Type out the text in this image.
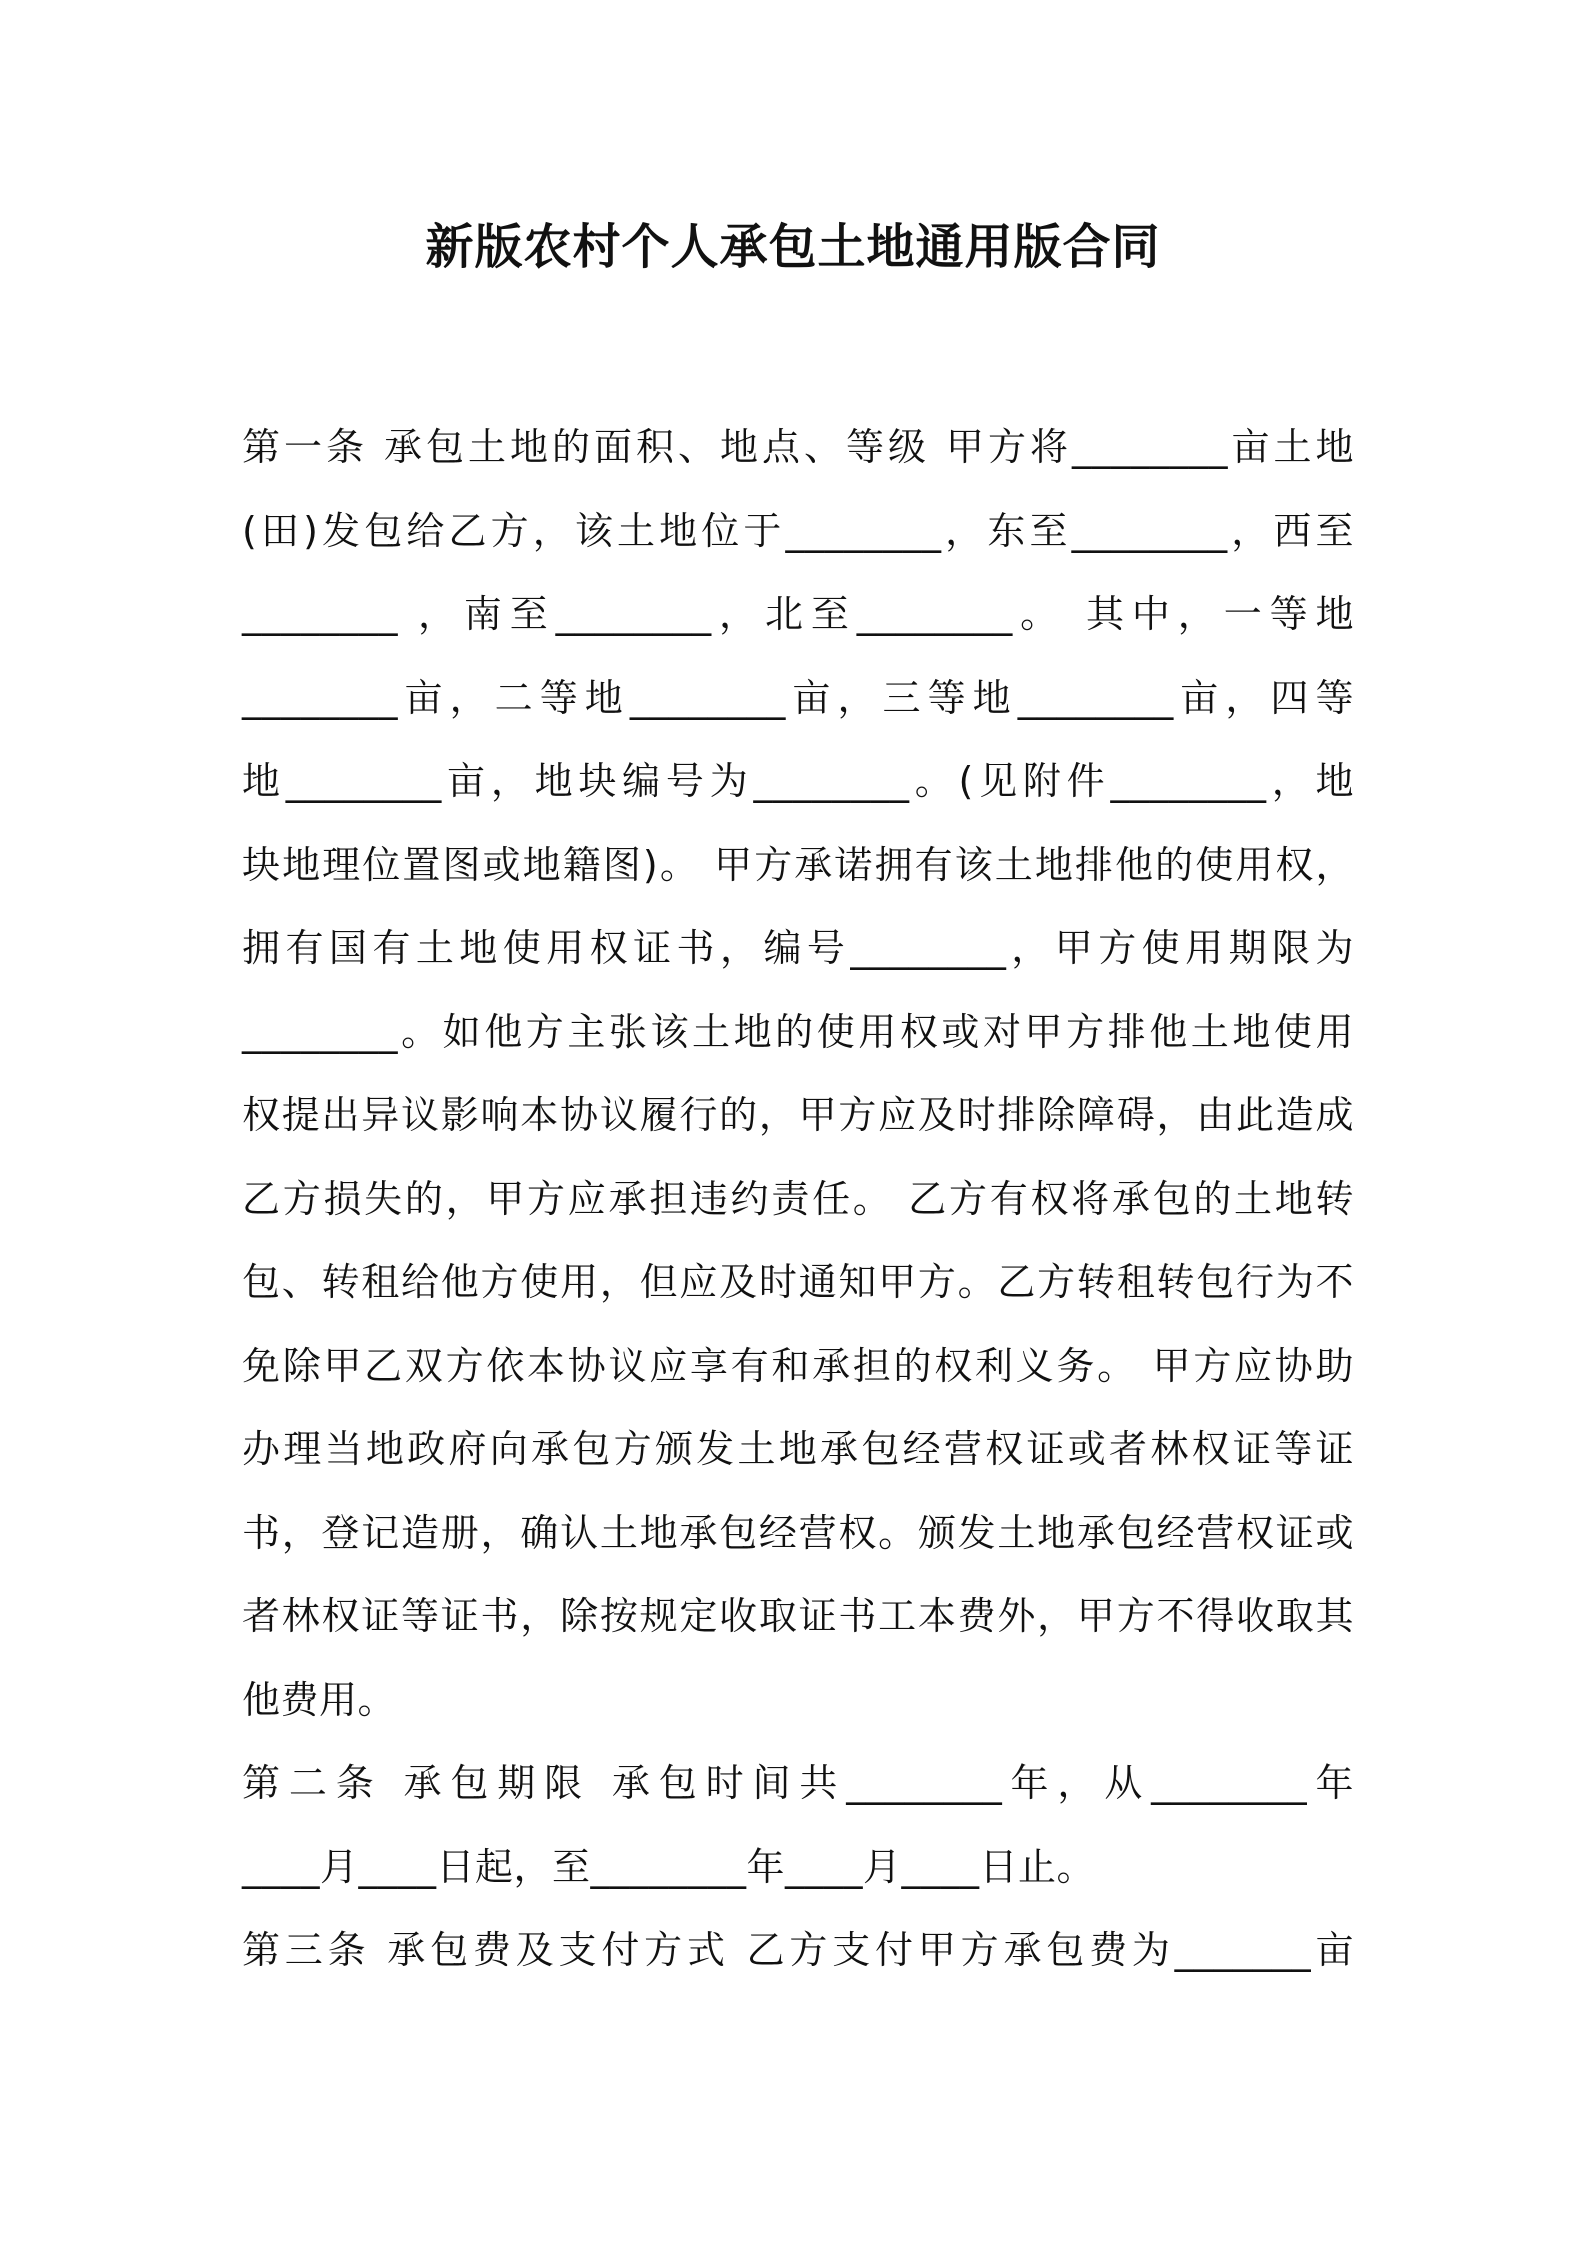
新版农村个人承包土地通用版合同
第一条 承包土地的面积、地点、等级 甲方将________亩土地
(田)发包给乙方，该土地位于________，东至________，西至
________ ，南至________，北至________。 其中，一等地
________亩，二等地________亩，三等地________亩，四等
地________亩，地块编号为________。(见附件________，地
块地理位置图或地籍图)。 甲方承诺拥有该土地排他的使用权，
拥有国有土地使用权证书，编号________，甲方使用期限为
________。如他方主张该土地的使用权或对甲方排他土地使用
权提出异议影响本协议履行的，甲方应及时排除障碍，由此造成
乙方损失的，甲方应承担违约责任。 乙方有权将承包的土地转
包、转租给他方使用，但应及时通知甲方。乙方转租转包行为不
免除甲乙双方依本协议应享有和承担的权利义务。 甲方应协助
办理当地政府向承包方颁发土地承包经营权证或者林权证等证
书，登记造册，确认土地承包经营权。颁发土地承包经营权证或
者林权证等证书，除按规定收取证书工本费外，甲方不得收取其
他费用。
第二条 承包期限 承包时间共________年，从________年
____月____日起，至________年____月____日止。
第三条 承包费及支付方式 乙方支付甲方承包费为_______亩
